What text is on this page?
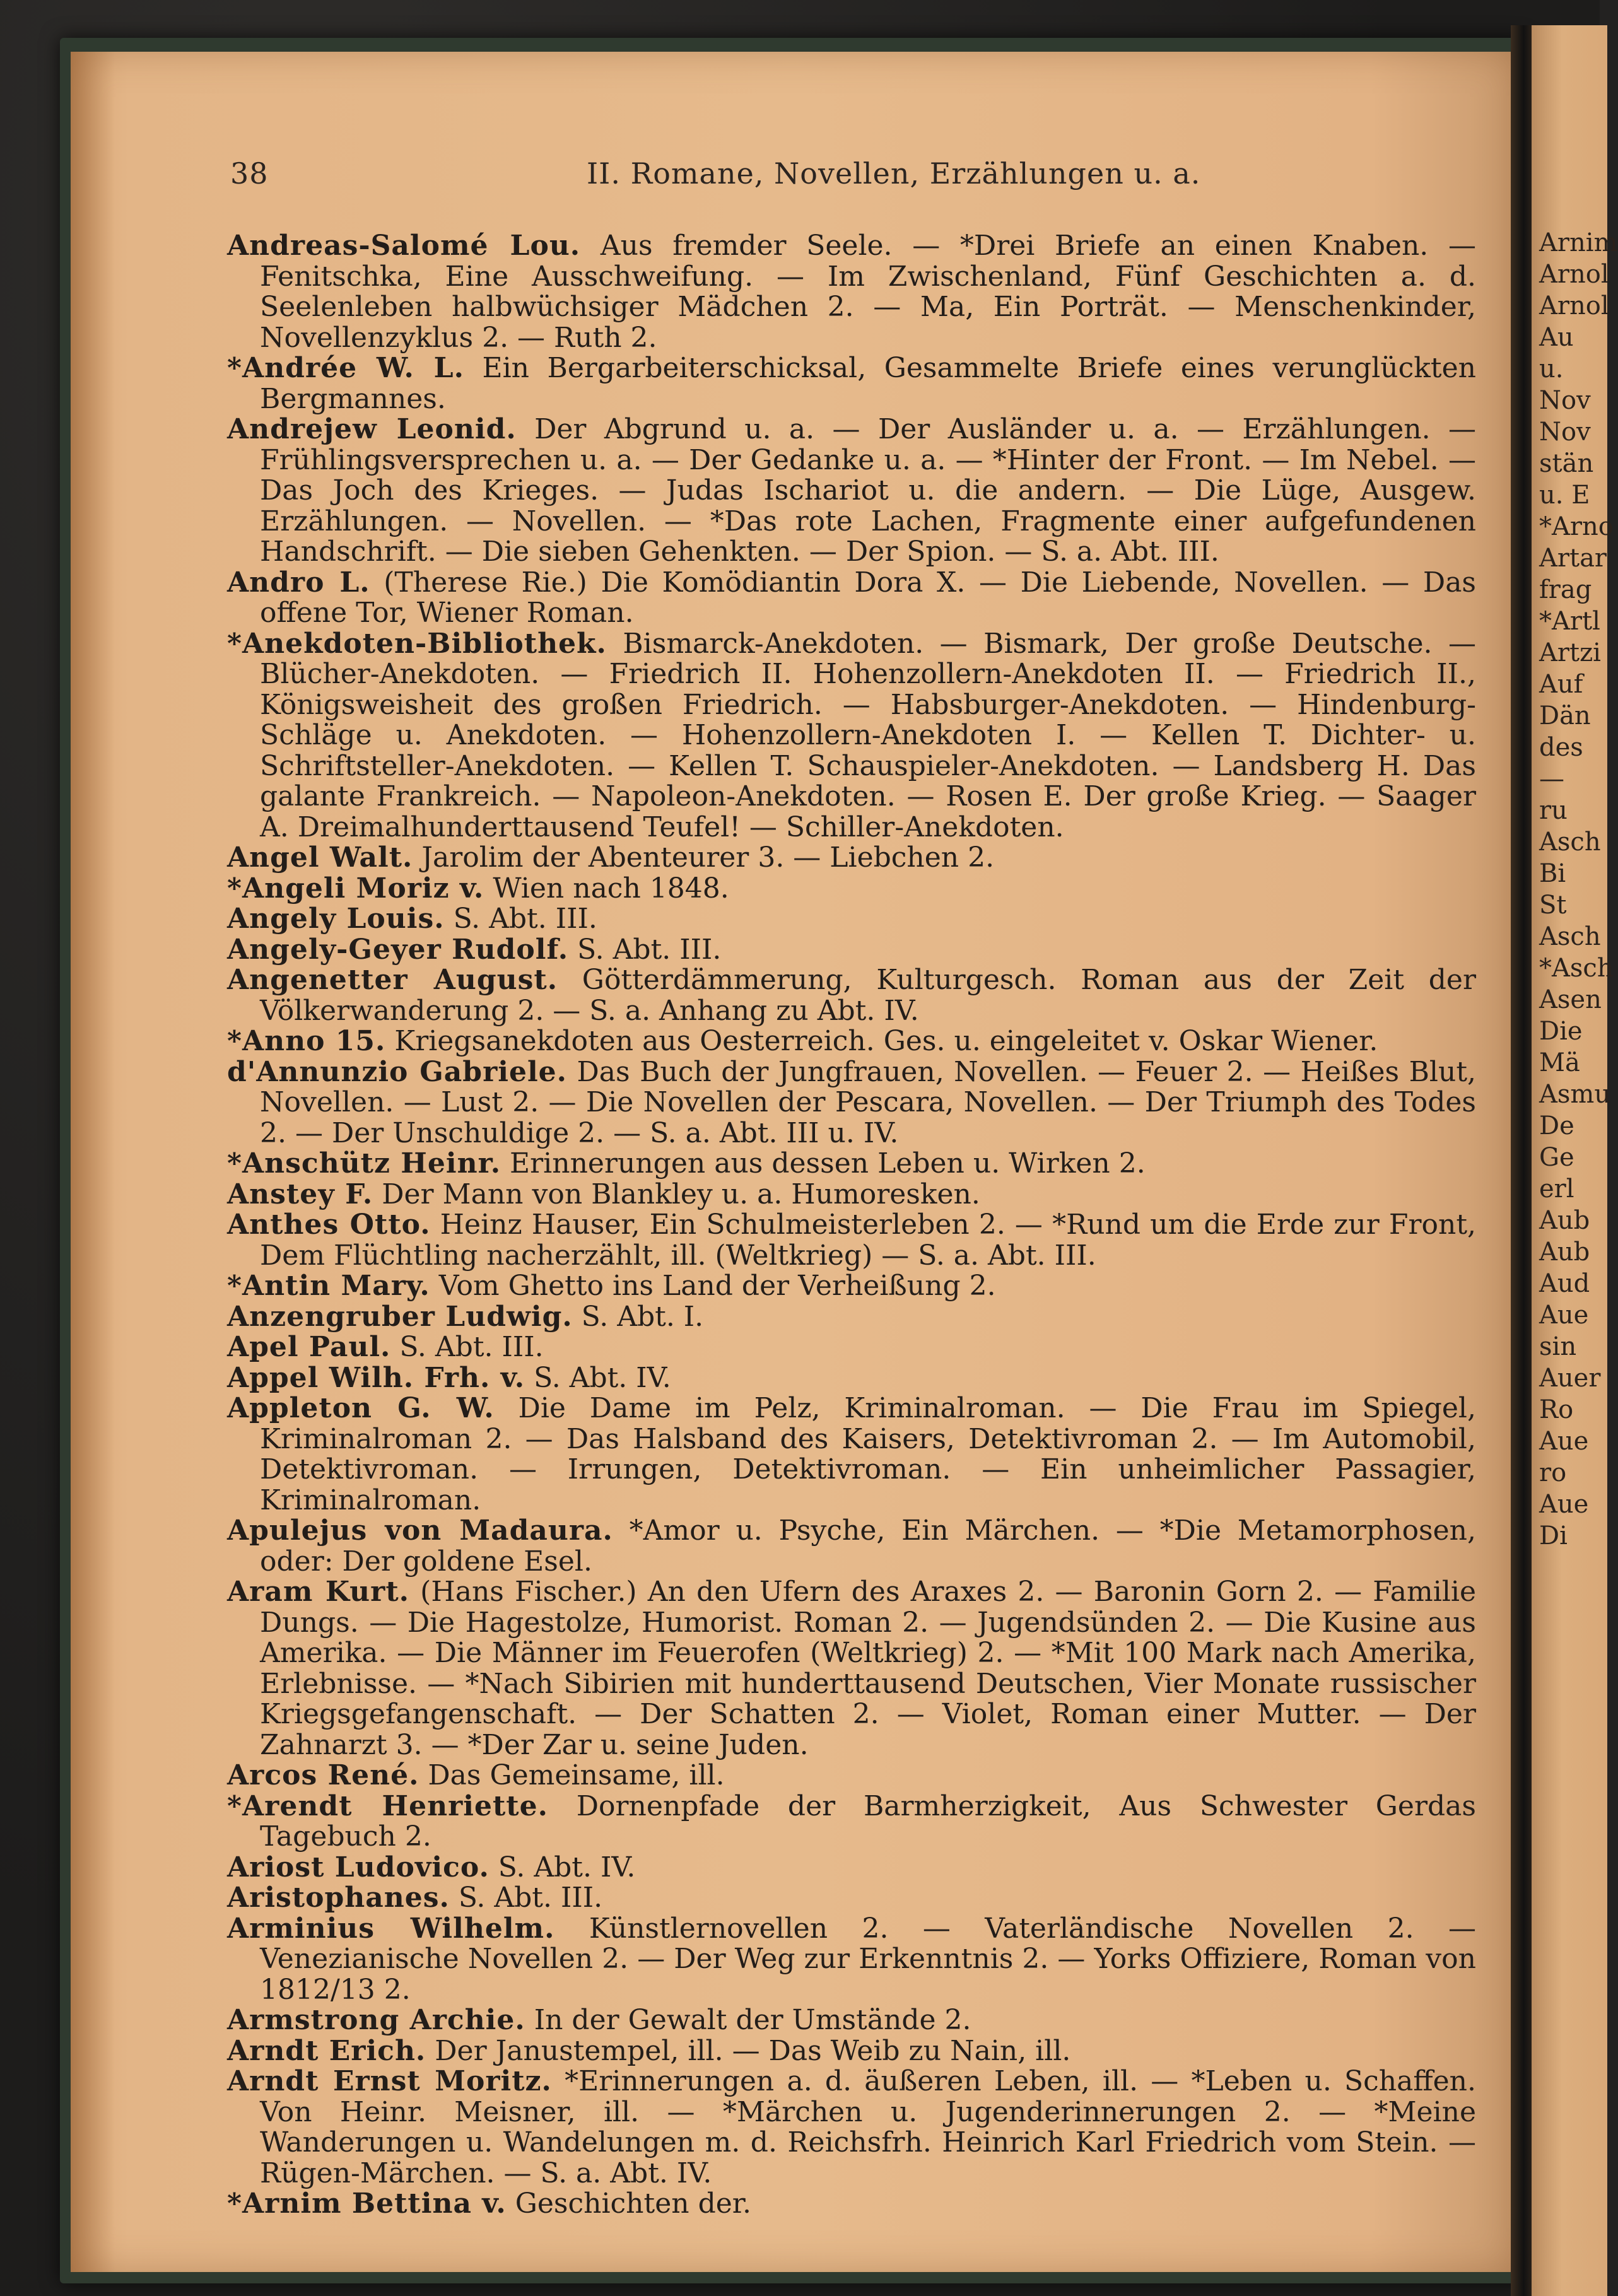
Arnim
Arnol
Arnol
Au
u.
Nov
Nov
stän
u. E
*Arno
Artar
frag
*Artl
Artzi
Auf
Dän
des
—
ru
Asch
Bi
St
Asch
*Asch
Asen
Die
Mä
Asmu
De
Ge
erl
Aub
Aub
Aud
Aue
sin
Auer
Ro
Aue
ro
Aue
Di
38	II. Romane, Novellen, Erzählungen u. a.

Andreas-Salomé Lou. Aus fremder Seele. — *Drei Briefe an einen Knaben. — Fenitschka, Eine Ausschweifung. — Im Zwischenland, Fünf Geschichten a. d. Seelenleben halbwüchsiger Mädchen 2. — Ma, Ein Porträt. — Menschenkinder, Novellenzyklus 2. — Ruth 2.

*Andrée W. L. Ein Bergarbeiterschicksal, Gesammelte Briefe eines verunglückten Bergmannes.

Andrejew Leonid. Der Abgrund u. a. — Der Ausländer u. a. — Erzählungen. — Frühlingsversprechen u. a. — Der Gedanke u. a. — *Hinter der Front. — Im Nebel. — Das Joch des Krieges. — Judas Ischariot u. die andern. — Die Lüge, Ausgew. Erzählungen. — Novellen. — *Das rote Lachen, Fragmente einer aufgefundenen Handschrift. — Die sieben Gehenkten. — Der Spion. — S. a. Abt. III.

Andro L. (Therese Rie.) Die Komödiantin Dora X. — Die Liebende, Novellen. — Das offene Tor, Wiener Roman.

*Anekdoten-Bibliothek. Bismarck-Anekdoten. — Bismark, Der große Deutsche. — Blücher-Anekdoten. — Friedrich II. Hohenzollern-Anekdoten II. — Friedrich II., Königsweisheit des großen Friedrich. — Habsburger-Anekdoten. — Hindenburg-Schläge u. Anekdoten. — Hohenzollern-Anekdoten I. — Kellen T. Dichter- u. Schriftsteller-Anekdoten. — Kellen T. Schauspieler-Anekdoten. — Landsberg H. Das galante Frankreich. — Napoleon-Anekdoten. — Rosen E. Der große Krieg. — Saager A. Dreimalhunderttausend Teufel! — Schiller-Anekdoten.

Angel Walt. Jarolim der Abenteurer 3. — Liebchen 2.

*Angeli Moriz v. Wien nach 1848.

Angely Louis. S. Abt. III.

Angely-Geyer Rudolf. S. Abt. III.

Angenetter August. Götterdämmerung, Kulturgesch. Roman aus der Zeit der Völkerwanderung 2. — S. a. Anhang zu Abt. IV.

*Anno 15. Kriegsanekdoten aus Oesterreich. Ges. u. eingeleitet v. Oskar Wiener.

d'Annunzio Gabriele. Das Buch der Jungfrauen, Novellen. — Feuer 2. — Heißes Blut, Novellen. — Lust 2. — Die Novellen der Pescara, Novellen. — Der Triumph des Todes 2. — Der Unschuldige 2. — S. a. Abt. III u. IV.

*Anschütz Heinr. Erinnerungen aus dessen Leben u. Wirken 2.

Anstey F. Der Mann von Blankley u. a. Humoresken.

Anthes Otto. Heinz Hauser, Ein Schulmeisterleben 2. — *Rund um die Erde zur Front, Dem Flüchtling nacherzählt, ill. (Weltkrieg) — S. a. Abt. III.

*Antin Mary. Vom Ghetto ins Land der Verheißung 2.

Anzengruber Ludwig. S. Abt. I.

Apel Paul. S. Abt. III.

Appel Wilh. Frh. v. S. Abt. IV.

Appleton G. W. Die Dame im Pelz, Kriminalroman. — Die Frau im Spiegel, Kriminalroman 2. — Das Halsband des Kaisers, Detektivroman 2. — Im Automobil, Detektivroman. — Irrungen, Detektivroman. — Ein unheimlicher Passagier, Kriminalroman.

Apulejus von Madaura. *Amor u. Psyche, Ein Märchen. — *Die Metamorphosen, oder: Der goldene Esel.

Aram Kurt. (Hans Fischer.) An den Ufern des Araxes 2. — Baronin Gorn 2. — Familie Dungs. — Die Hagestolze, Humorist. Roman 2. — Jugendsünden 2. — Die Kusine aus Amerika. — Die Männer im Feuerofen (Weltkrieg) 2. — *Mit 100 Mark nach Amerika, Erlebnisse. — *Nach Sibirien mit hunderttausend Deutschen, Vier Monate russischer Kriegsgefangenschaft. — Der Schatten 2. — Violet, Roman einer Mutter. — Der Zahnarzt 3. — *Der Zar u. seine Juden.

Arcos René. Das Gemeinsame, ill.

*Arendt Henriette. Dornenpfade der Barmherzigkeit, Aus Schwester Gerdas Tagebuch 2.

Ariost Ludovico. S. Abt. IV.

Aristophanes. S. Abt. III.

Arminius Wilhelm. Künstlernovellen 2. — Vaterländische Novellen 2. — Venezianische Novellen 2. — Der Weg zur Erkenntnis 2. — Yorks Offiziere, Roman von 1812/13 2.

Armstrong Archie. In der Gewalt der Umstände 2.

Arndt Erich. Der Janustempel, ill. — Das Weib zu Nain, ill.

Arndt Ernst Moritz. *Erinnerungen a. d. äußeren Leben, ill. — *Leben u. Schaffen. Von Heinr. Meisner, ill. — *Märchen u. Jugenderinnerungen 2. — *Meine Wanderungen u. Wandelungen m. d. Reichsfrh. Heinrich Karl Friedrich vom Stein. — Rügen-Märchen. — S. a. Abt. IV.

*Arnim Bettina v. Geschichten der.
